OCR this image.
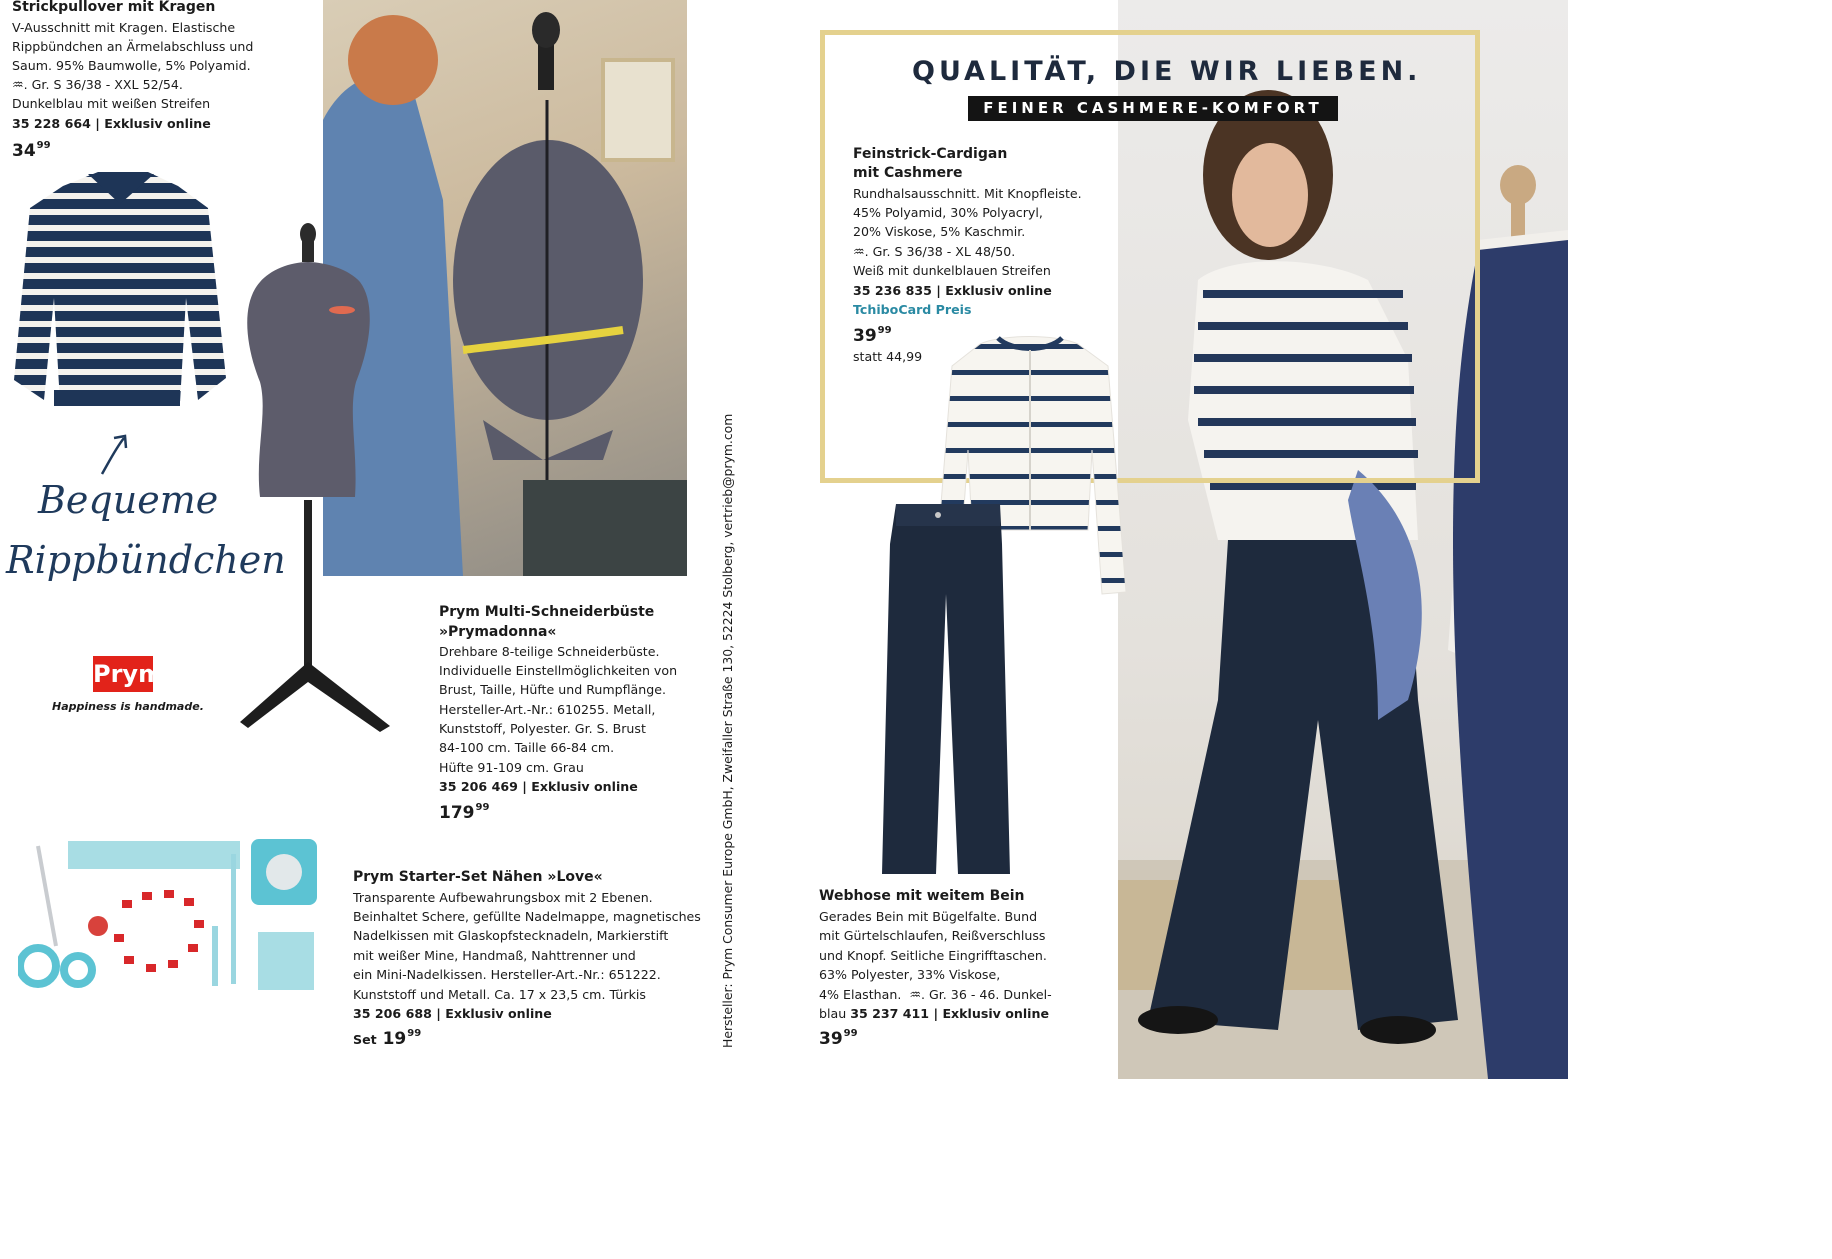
Strickpullover mit Kragen
V-Ausschnitt mit Kragen. Elastische
Rippbündchen an Ärmelabschluss und
Saum. 95% Baumwolle, 5% Polyamid.
♒. Gr. S 36/38 - XXL 52/54.
Dunkelblau mit weißen Streifen
35 228 664 | Exklusiv online
$34^{99}$
Bequeme
Rippbündchen
Prym
Happiness is handmade.
Prym Multi-Schneiderbüste
»Prymadonna«
Drehbare 8-teilige Schneiderbüste.
Individuelle Einstellmöglichkeiten von
Brust, Taille, Hüfte und Rumpflänge.
Hersteller-Art.-Nr.: 610255. Metall,
Kunststoff, Polyester. Gr. S. Brust
84-100 cm. Taille 66-84 cm.
Hüfte 91-109 cm. Grau
35 206 469 | Exklusiv online
$179^{99}$
Prym Starter-Set Nähen »Love«
Transparente Aufbewahrungsbox mit 2 Ebenen.
Beinhaltet Schere, gefüllte Nadelmappe, magnetisches
Nadelkissen mit Glaskopfstecknadeln, Markierstift
mit weißer Mine, Handmaß, Nahttrenner und
ein Mini-Nadelkissen. Hersteller-Art.-Nr.: 651222.
Kunststoff und Metall. Ca. 17 x 23,5 cm. Türkis
35 206 688 | Exklusiv online
Set $19^{99}$	Hersteller: Prym Consumer Europe GmbH, Zweifaller Straße 130, 52224 Stolberg, vertrieb@prym.com
QUALITÄT, DIE WIR LIEBEN.
FEINER CASHMERE-KOMFORT
Feinstrick-Cardigan
mit Cashmere
Rundhalsausschnitt. Mit Knopfleiste.
45% Polyamid, 30% Polyacryl,
20% Viskose, 5% Kaschmir.
♒. Gr. S 36/38 - XL 48/50.
Weiß mit dunkelblauen Streifen
35 236 835 | Exklusiv online
TchiboCard Preis
$39^{99}$
statt 44,99
Webhose mit weitem Bein
Gerades Bein mit Bügelfalte. Bund
mit Gürtelschlaufen, Reißverschluss
und Knopf. Seitliche Eingrifftaschen.
63% Polyester, 33% Viskose,
4% Elasthan. ♒. Gr. 36 - 46. Dunkel-
blau 35 237 411 | Exklusiv online
$39^{99}$
